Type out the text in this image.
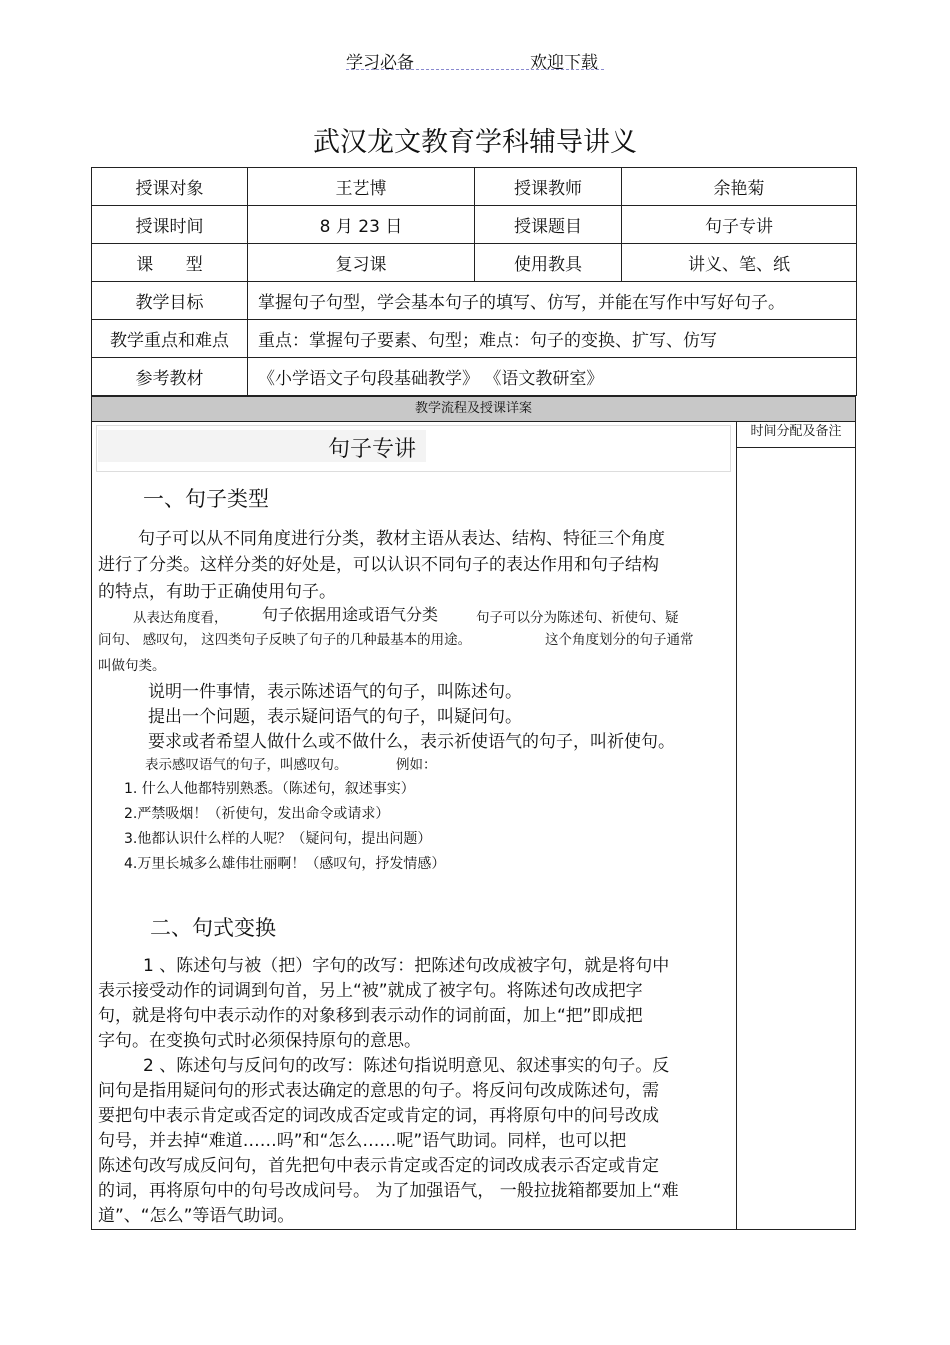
学习必备	欢迎下载
武汉龙文教育学科辅导讲义
授课对象	王艺博	授课教师	余艳菊
授课时间	8 月 23 日	授课题目	句子专讲
课      型	复习课	使用教具	讲义、笔、纸
教学目标	掌握句子句型，学会基本句子的填写、仿写，并能在写作中写好句子。		
教学重点和难点	重点：掌握句子要素、句型；难点：句子的变换、扩写、仿写		
参考教材	《小学语文子句段基础教学》 《语文教研室》		
教学流程及授课详案
时间分配及备注
句子专讲
一、句子类型
句子可以从不同角度进行分类，教材主语从表达、结构、特征三个角度
进行了分类。这样分类的好处是，可以认识不同句子的表达作用和句子结构
的特点，有助于正确使用句子。
从表达角度看， 句子依据用途或语气分类	句子可以分为陈述句、祈使句、疑
问句、 感叹句， 这四类句子反映了句子的几种最基本的用途。	这个角度划分的句子通常
叫做句类。
说明一件事情，表示陈述语气的句子，叫陈述句。
提出一个问题，表示疑问语气的句子，叫疑问句。
要求或者希望人做什么或不做什么，表示祈使语气的句子，叫祈使句。
表示感叹语气的句子，叫感叹句。	例如：
1. 什么人他都特别熟悉。（陈述句，叙述事实）
2.严禁吸烟！（祈使句，发出命令或请求）
3.他都认识什么样的人呢？（疑问句，提出问题）
4.万里长城多么雄伟壮丽啊！（感叹句，抒发情感）
二、句式变换
1 、陈述句与被（把）字句的改写：把陈述句改成被字句，就是将句中
表示接受动作的词调到句首，另上“被”就成了被字句。将陈述句改成把字
句，就是将句中表示动作的对象移到表示动作的词前面，加上“把”即成把
字句。在变换句式时必须保持原句的意思。
2 、陈述句与反问句的改写：陈述句指说明意见、叙述事实的句子。反
问句是指用疑问句的形式表达确定的意思的句子。将反问句改成陈述句，需
要把句中表示肯定或否定的词改成否定或肯定的词，再将原句中的问号改成
句号，并去掉“难道……吗”和“怎么……呢”语气助词。同样，也可以把
陈述句改写成反问句，首先把句中表示肯定或否定的词改成表示否定或肯定
的词，再将原句中的句号改成问号。 为了加强语气， 一般拉拢箱都要加上“难
道”、“怎么”等语气助词。
